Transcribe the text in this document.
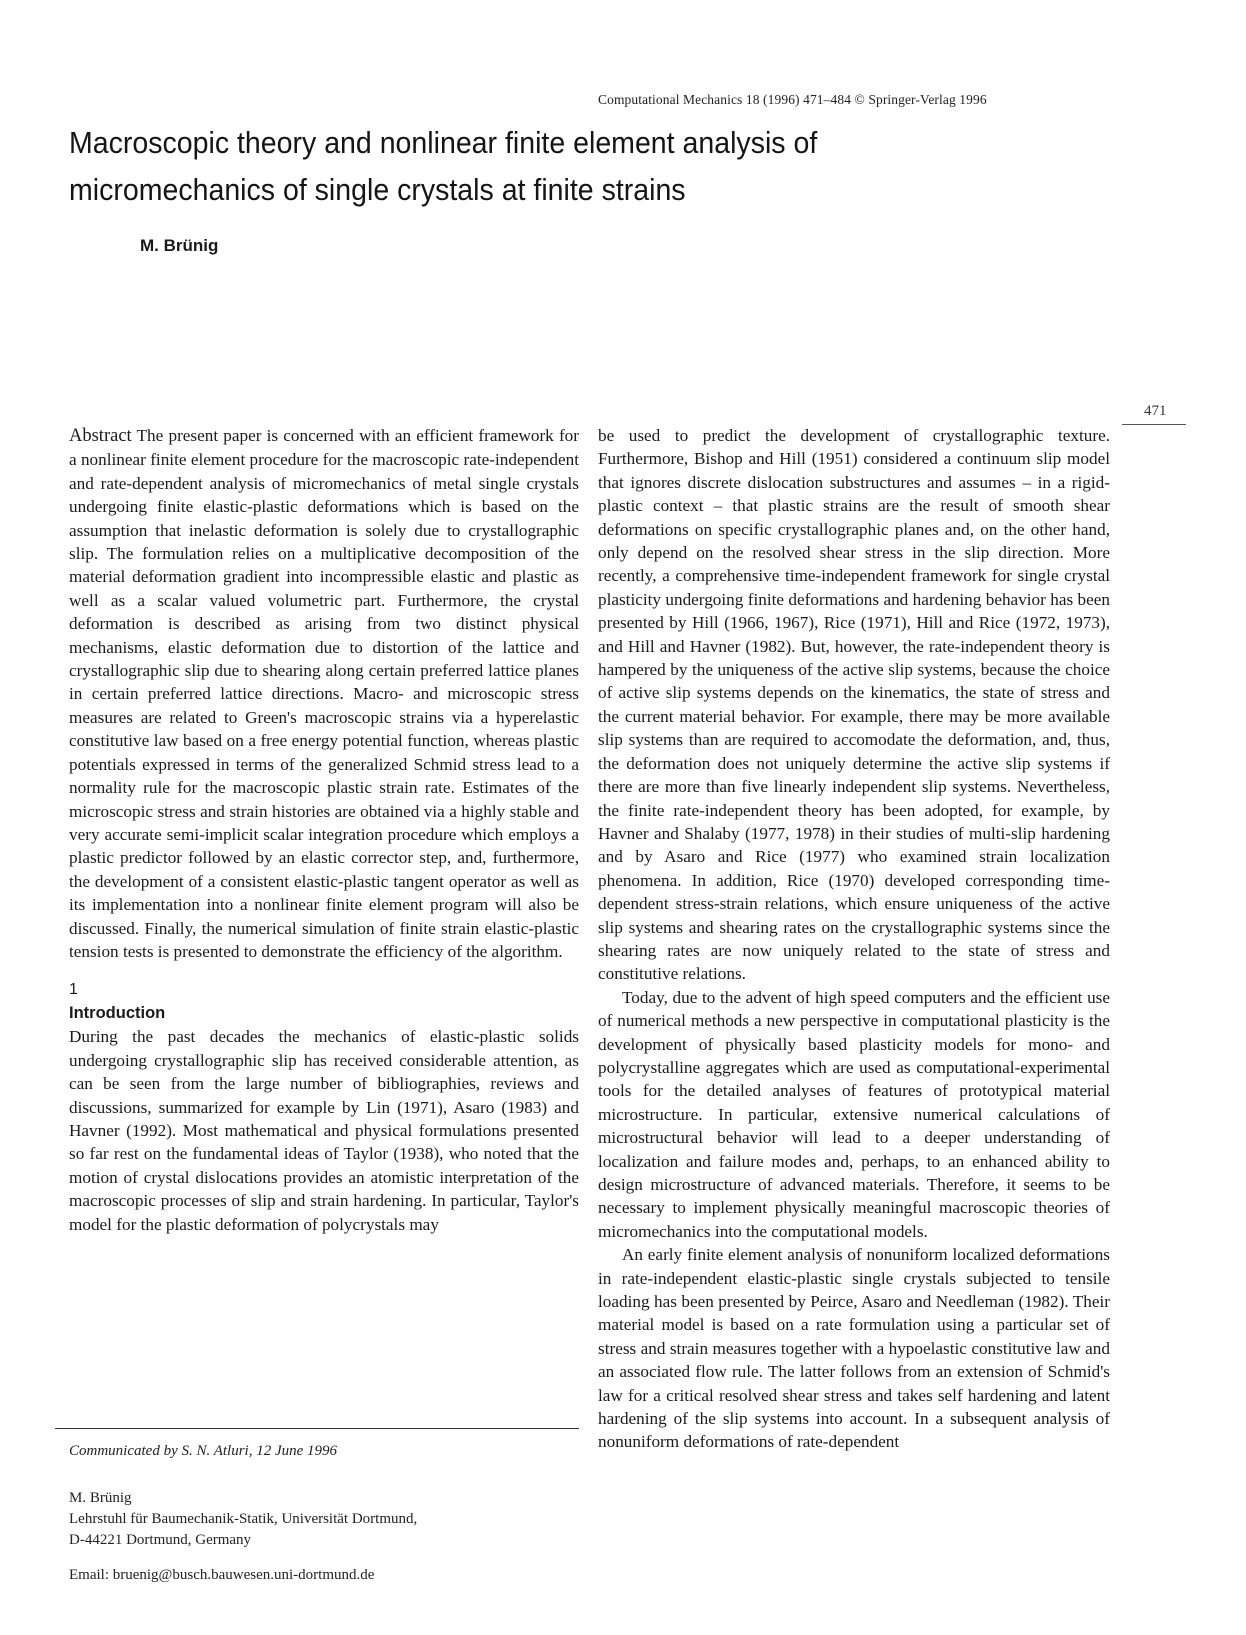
Computational Mechanics 18 (1996) 471–484 © Springer-Verlag 1996
Macroscopic theory and nonlinear finite element analysis of
micromechanics of single crystals at finite strains
M. Brünig
471

Abstract The present paper is concerned with an efficient framework for a nonlinear finite element procedure for the macroscopic rate-independent and rate-dependent analysis of micromechanics of metal single crystals undergoing finite elastic-plastic deformations which is based on the assumption that inelastic deformation is solely due to crystallographic slip. The formulation relies on a multiplicative decomposition of the material deformation gradient into incompressible elastic and plastic as well as a scalar valued volumetric part. Furthermore, the crystal deformation is described as arising from two distinct physical mechanisms, elastic deformation due to distortion of the lattice and crystallographic slip due to shearing along certain preferred lattice planes in certain preferred lattice directions. Macro- and microscopic stress measures are related to Green's macroscopic strains via a hyperelastic constitutive law based on a free energy potential function, whereas plastic potentials expressed in terms of the generalized Schmid stress lead to a normality rule for the macroscopic plastic strain rate. Estimates of the microscopic stress and strain histories are obtained via a highly stable and very accurate semi-implicit scalar integration procedure which employs a plastic predictor followed by an elastic corrector step, and, furthermore, the development of a consistent elastic-plastic tangent operator as well as its implementation into a nonlinear finite element program will also be discussed. Finally, the numerical simulation of finite strain elastic-plastic tension tests is presented to demonstrate the efficiency of the algorithm.

1
Introduction

During the past decades the mechanics of elastic-plastic solids undergoing crystallographic slip has received considerable attention, as can be seen from the large number of bibliographies, reviews and discussions, summarized for example by Lin (1971), Asaro (1983) and Havner (1992). Most mathematical and physical formulations presented so far rest on the fundamental ideas of Taylor (1938), who noted that the motion of crystal dislocations provides an atomistic interpretation of the macroscopic processes of slip and strain hardening. In particular, Taylor's model for the plastic deformation of polycrystals may

be used to predict the development of crystallographic texture. Furthermore, Bishop and Hill (1951) considered a continuum slip model that ignores discrete dislocation substructures and assumes – in a rigid-plastic context – that plastic strains are the result of smooth shear deformations on specific crystallographic planes and, on the other hand, only depend on the resolved shear stress in the slip direction. More recently, a comprehensive time-independent framework for single crystal plasticity undergoing finite deformations and hardening behavior has been presented by Hill (1966, 1967), Rice (1971), Hill and Rice (1972, 1973), and Hill and Havner (1982). But, however, the rate-independent theory is hampered by the uniqueness of the active slip systems, because the choice of active slip systems depends on the kinematics, the state of stress and the current material behavior. For example, there may be more available slip systems than are required to accomodate the deformation, and, thus, the deformation does not uniquely determine the active slip systems if there are more than five linearly independent slip systems. Nevertheless, the finite rate-independent theory has been adopted, for example, by Havner and Shalaby (1977, 1978) in their studies of multi-slip hardening and by Asaro and Rice (1977) who examined strain localization phenomena. In addition, Rice (1970) developed corresponding time-dependent stress-strain relations, which ensure uniqueness of the active slip systems and shearing rates on the crystallographic systems since the shearing rates are now uniquely related to the state of stress and constitutive relations.

Today, due to the advent of high speed computers and the efficient use of numerical methods a new perspective in computational plasticity is the development of physically based plasticity models for mono- and polycrystalline aggregates which are used as computational-experimental tools for the detailed analyses of features of prototypical material microstructure. In particular, extensive numerical calculations of microstructural behavior will lead to a deeper understanding of localization and failure modes and, perhaps, to an enhanced ability to design microstructure of advanced materials. Therefore, it seems to be necessary to implement physically meaningful macroscopic theories of micromechanics into the computational models.

An early finite element analysis of nonuniform localized deformations in rate-independent elastic-plastic single crystals subjected to tensile loading has been presented by Peirce, Asaro and Needleman (1982). Their material model is based on a rate formulation using a particular set of stress and strain measures together with a hypoelastic constitutive law and an associated flow rule. The latter follows from an extension of Schmid's law for a critical resolved shear stress and takes self hardening and latent hardening of the slip systems into account. In a subsequent analysis of nonuniform deformations of rate-dependent

Communicated by S. N. Atluri, 12 June 1996
M. Brünig
Lehrstuhl für Baumechanik-Statik, Universität Dortmund,
D-44221 Dortmund, Germany
Email: bruenig@busch.bauwesen.uni-dortmund.de
